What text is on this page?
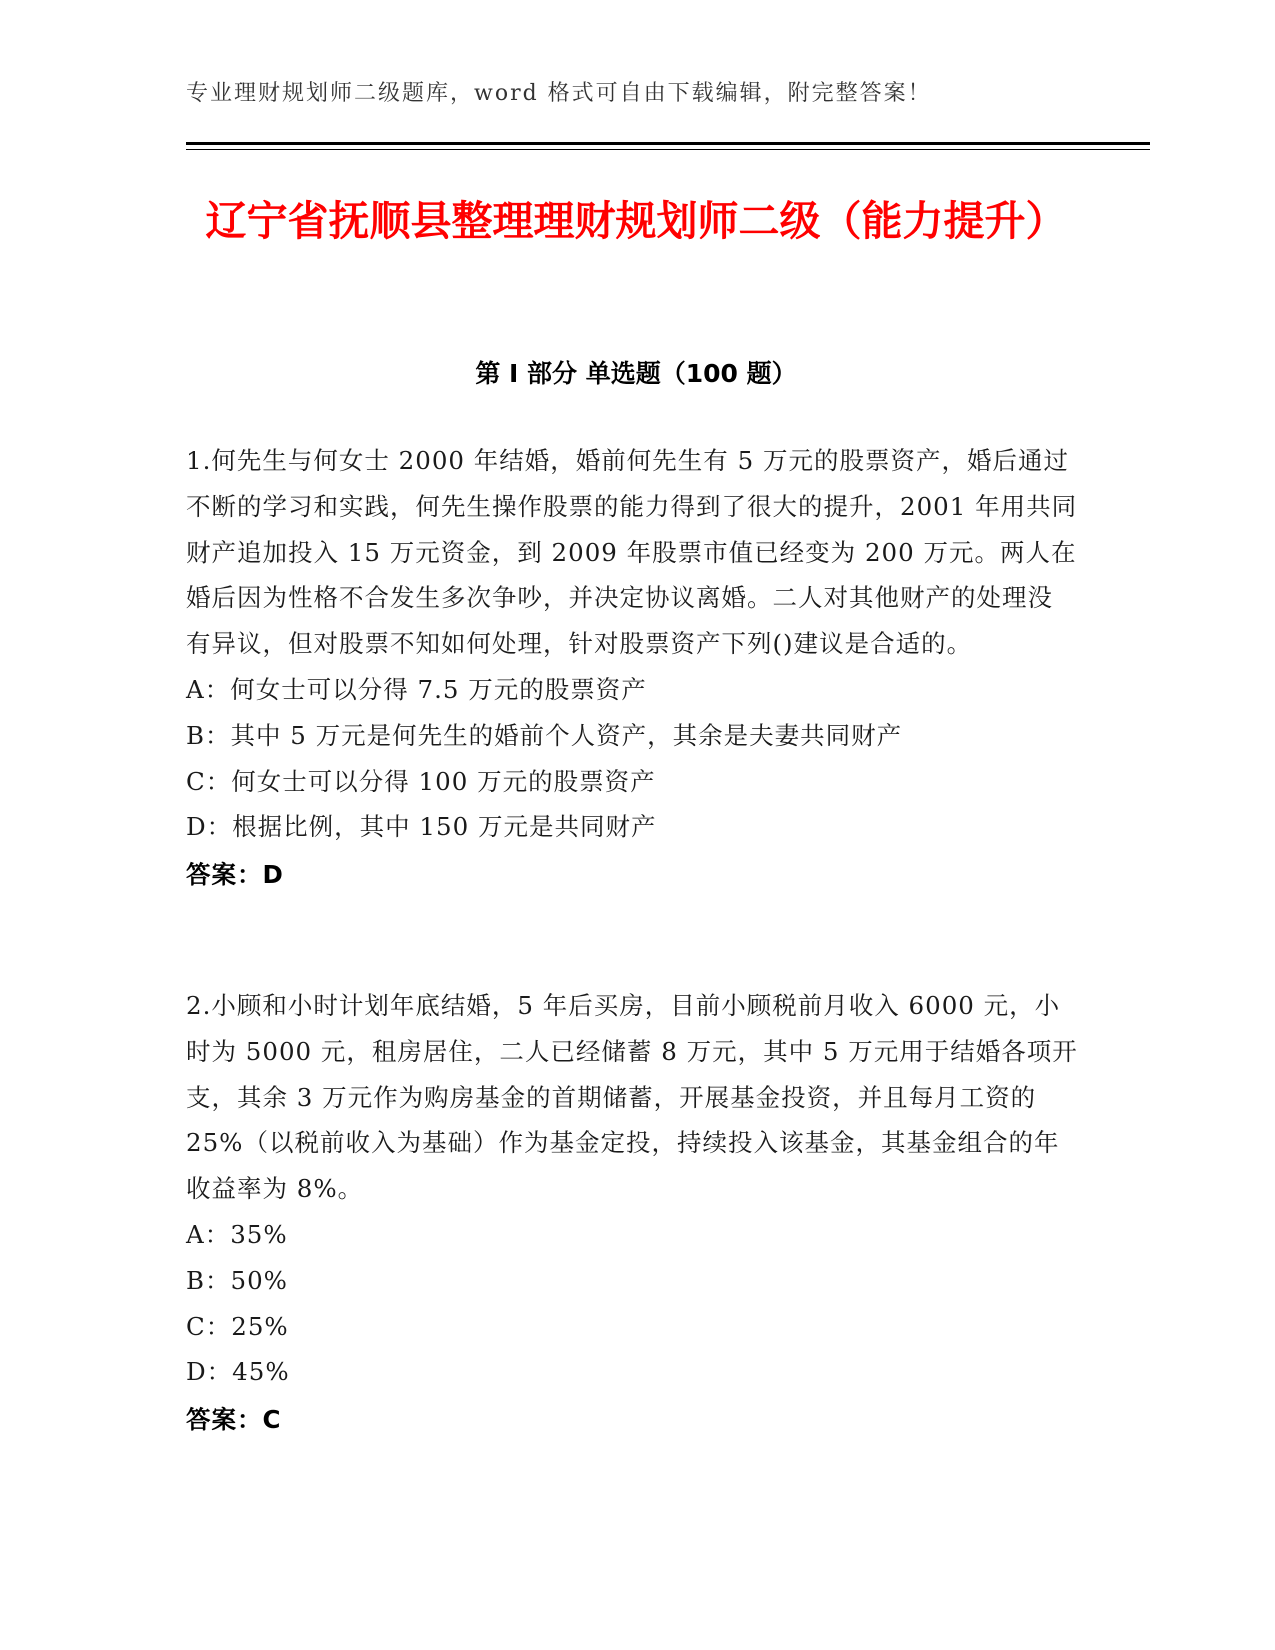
专业理财规划师二级题库，word 格式可自由下载编辑，附完整答案！
辽宁省抚顺县整理理财规划师二级（能力提升）
第 I 部分 单选题（100 题）

1.何先生与何女士 2000 年结婚，婚前何先生有 5 万元的股票资产，婚后通过不断的学习和实践，何先生操作股票的能力得到了很大的提升，2001 年用共同财产追加投入 15 万元资金，到 2009 年股票市值已经变为 200 万元。两人在婚后因为性格不合发生多次争吵，并决定协议离婚。二人对其他财产的处理没有异议，但对股票不知如何处理，针对股票资产下列()建议是合适的。

A：何女士可以分得 7.5 万元的股票资产

B：其中 5 万元是何先生的婚前个人资产，其余是夫妻共同财产

C：何女士可以分得 100 万元的股票资产

D：根据比例，其中 150 万元是共同财产

答案：D

2.小顾和小时计划年底结婚，5 年后买房，目前小顾税前月收入 6000 元，小时为 5000 元，租房居住，二人已经储蓄 8 万元，其中 5 万元用于结婚各项开支，其余 3 万元作为购房基金的首期储蓄，开展基金投资，并且每月工资的 25%（以税前收入为基础）作为基金定投，持续投入该基金，其基金组合的年收益率为 8%。

A：35%

B：50%

C：25%

D：45%

答案：C
